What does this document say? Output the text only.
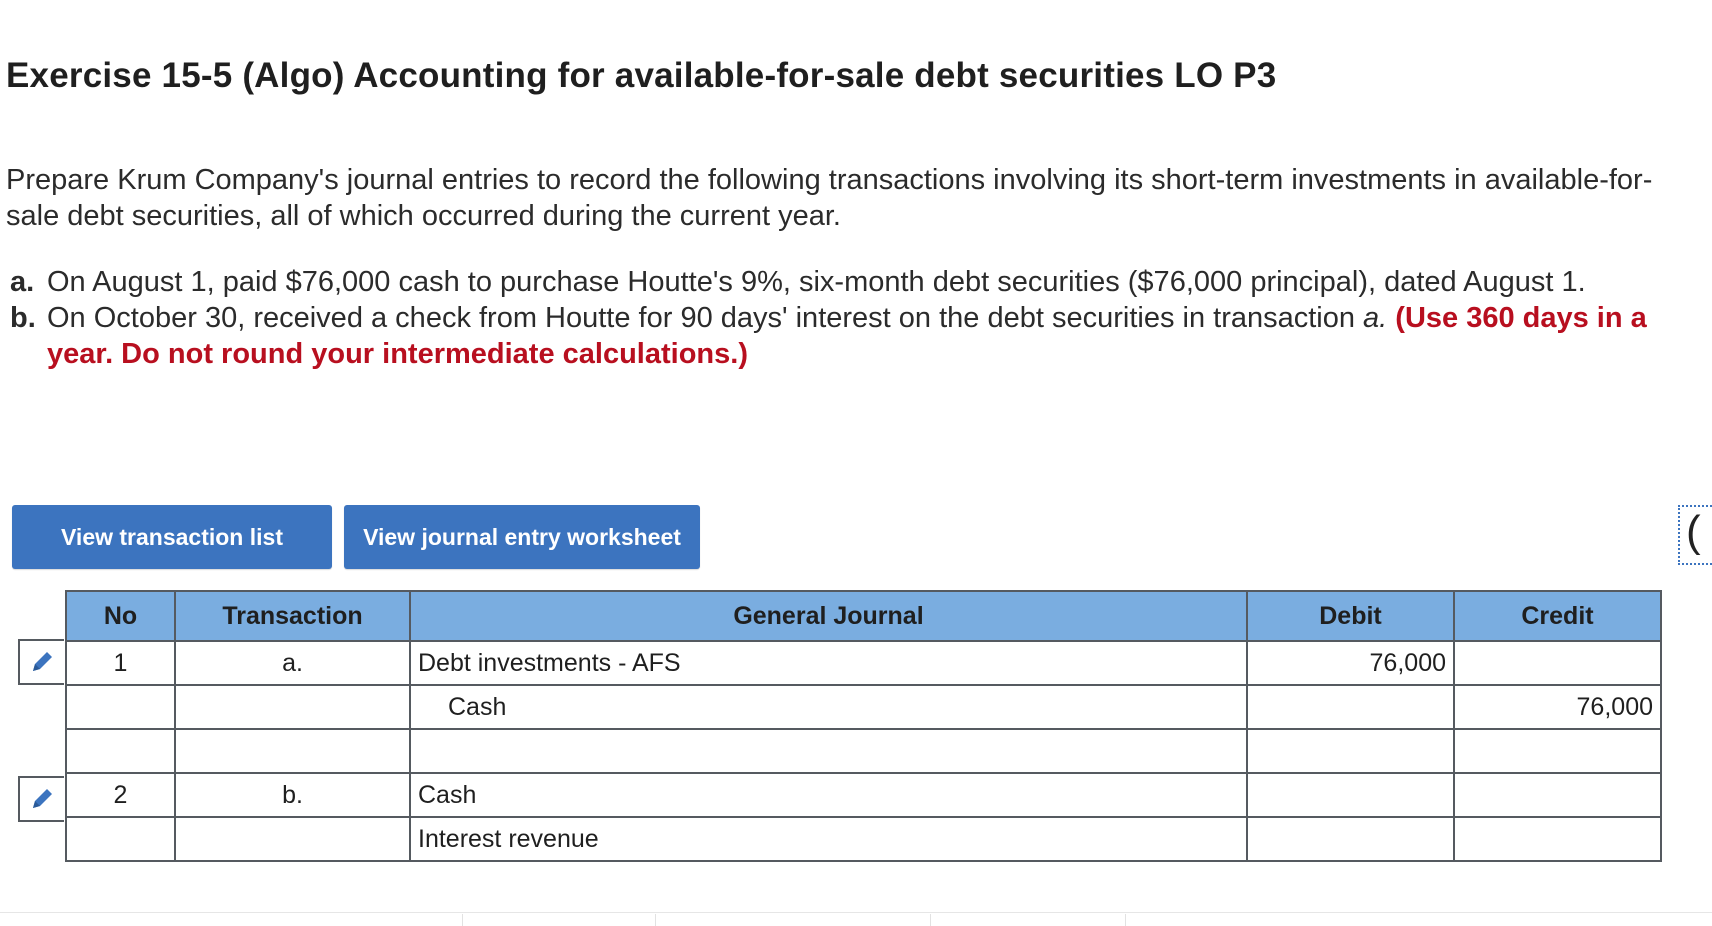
Exercise 15-5 (Algo) Accounting for available-for-sale debt securities LO P3

Prepare Krum Company's journal entries to record the following transactions involving its short-term investments in available-for-sale debt securities, all of which occurred during the current year.

a. On August 1, paid $76,000 cash to purchase Houtte's 9%, six-month debt securities ($76,000 principal), dated August 1.
b. On October 30, received a check from Houtte for 90 days' interest on the debt securities in transaction a. (Use 360 days in a year. Do not round your intermediate calculations.)
View transaction list	View journal entry worksheet	(
No	Transaction	General Journal	Debit	Credit
1	a.	Debt investments - AFS	76,000	
		Cash		76,000

2	b.	Cash		
		Interest revenue		
